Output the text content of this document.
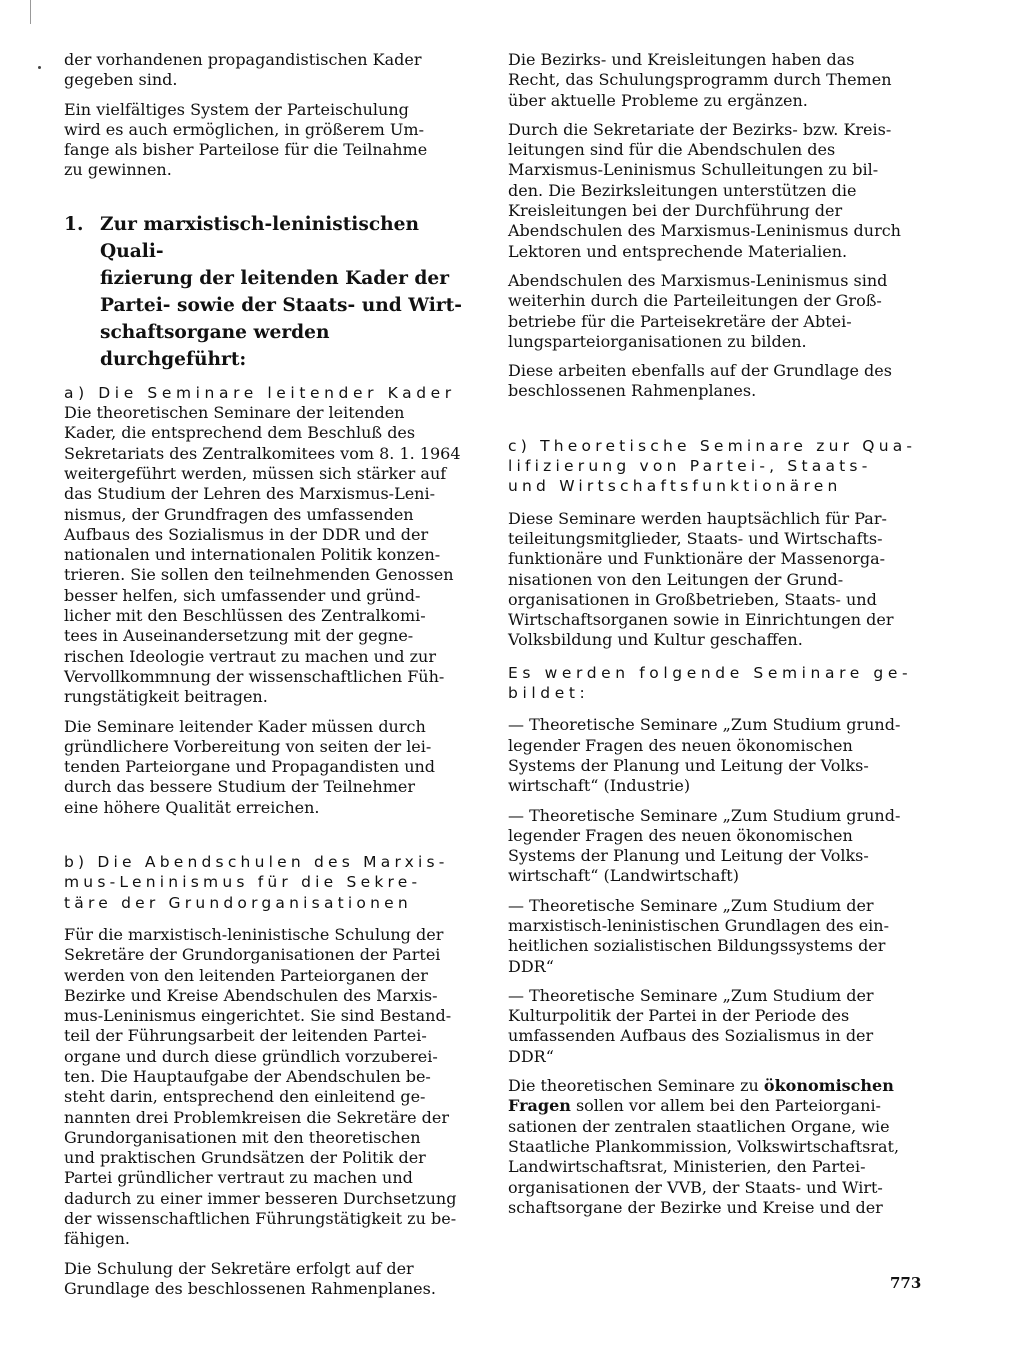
der vorhandenen propagandistischen Kader
gegeben sind.

Ein vielfältiges System der Parteischulung
wird es auch ermöglichen, in größerem Um-
fange als bisher Parteilose für die Teilnahme
zu gewinnen.

1. Zur marxistisch-leninistischen Quali-
fizierung der leitenden Kader der
Partei- sowie der Staats- und Wirt-
schaftsorgane werden durchgeführt:

a) Die Seminare leitender Kader

Die theoretischen Seminare der leitenden
Kader, die entsprechend dem Beschluß des
Sekretariats des Zentralkomitees vom 8. 1. 1964
weitergeführt werden, müssen sich stärker auf
das Studium der Lehren des Marxismus-Leni-
nismus, der Grundfragen des umfassenden
Aufbaus des Sozialismus in der DDR und der
nationalen und internationalen Politik konzen-
trieren. Sie sollen den teilnehmenden Genossen
besser helfen, sich umfassender und gründ-
licher mit den Beschlüssen des Zentralkomi-
tees in Auseinandersetzung mit der gegne-
rischen Ideologie vertraut zu machen und zur
Vervollkommnung der wissenschaftlichen Füh-
rungstätigkeit beitragen.

Die Seminare leitender Kader müssen durch
gründlichere Vorbereitung von seiten der lei-
tenden Parteiorgane und Propagandisten und
durch das bessere Studium der Teilnehmer
eine höhere Qualität erreichen.

b) Die Abendschulen des Marxis-
mus-Leninismus für die Sekre-
täre der Grundorganisationen

Für die marxistisch-leninistische Schulung der
Sekretäre der Grundorganisationen der Partei
werden von den leitenden Parteiorganen der
Bezirke und Kreise Abendschulen des Marxis-
mus-Leninismus eingerichtet. Sie sind Bestand-
teil der Führungsarbeit der leitenden Partei-
organe und durch diese gründlich vorzuberei-
ten. Die Hauptaufgabe der Abendschulen be-
steht darin, entsprechend den einleitend ge-
nannten drei Problemkreisen die Sekretäre der
Grundorganisationen mit den theoretischen
und praktischen Grundsätzen der Politik der
Partei gründlicher vertraut zu machen und
dadurch zu einer immer besseren Durchsetzung
der wissenschaftlichen Führungstätigkeit zu be-
fähigen.

Die Schulung der Sekretäre erfolgt auf der
Grundlage des beschlossenen Rahmenplanes.

Die Bezirks- und Kreisleitungen haben das
Recht, das Schulungsprogramm durch Themen
über aktuelle Probleme zu ergänzen.

Durch die Sekretariate der Bezirks- bzw. Kreis-
leitungen sind für die Abendschulen des
Marxismus-Leninismus Schulleitungen zu bil-
den. Die Bezirksleitungen unterstützen die
Kreisleitungen bei der Durchführung der
Abendschulen des Marxismus-Leninismus durch
Lektoren und entsprechende Materialien.

Abendschulen des Marxismus-Leninismus sind
weiterhin durch die Parteileitungen der Groß-
betriebe für die Parteisekretäre der Abtei-
lungsparteiorganisationen zu bilden.

Diese arbeiten ebenfalls auf der Grundlage des
beschlossenen Rahmenplanes.

c) Theoretische Seminare zur Qua-
lifizierung von Partei-, Staats-
und Wirtschaftsfunktionären

Diese Seminare werden hauptsächlich für Par-
teileitungsmitglieder, Staats- und Wirtschafts-
funktionäre und Funktionäre der Massenorga-
nisationen von den Leitungen der Grund-
organisationen in Großbetrieben, Staats- und
Wirtschaftsorganen sowie in Einrichtungen der
Volksbildung und Kultur geschaffen.

Es werden folgende Seminare ge-
bildet:

— Theoretische Seminare „Zum Studium grund-
legender Fragen des neuen ökonomischen
Systems der Planung und Leitung der Volks-
wirtschaft“ (Industrie)

— Theoretische Seminare „Zum Studium grund-
legender Fragen des neuen ökonomischen
Systems der Planung und Leitung der Volks-
wirtschaft“ (Landwirtschaft)

— Theoretische Seminare „Zum Studium der
marxistisch-leninistischen Grundlagen des ein-
heitlichen sozialistischen Bildungssystems der
DDR“

— Theoretische Seminare „Zum Studium der
Kulturpolitik der Partei in der Periode des
umfassenden Aufbaus des Sozialismus in der
DDR“

Die theoretischen Seminare zu ökonomischen
Fragen sollen vor allem bei den Parteiorgani-
sationen der zentralen staatlichen Organe, wie
Staatliche Plankommission, Volkswirtschaftsrat,
Landwirtschaftsrat, Ministerien, den Partei-
organisationen der VVB, der Staats- und Wirt-
schaftsorgane der Bezirke und Kreise und der

773
